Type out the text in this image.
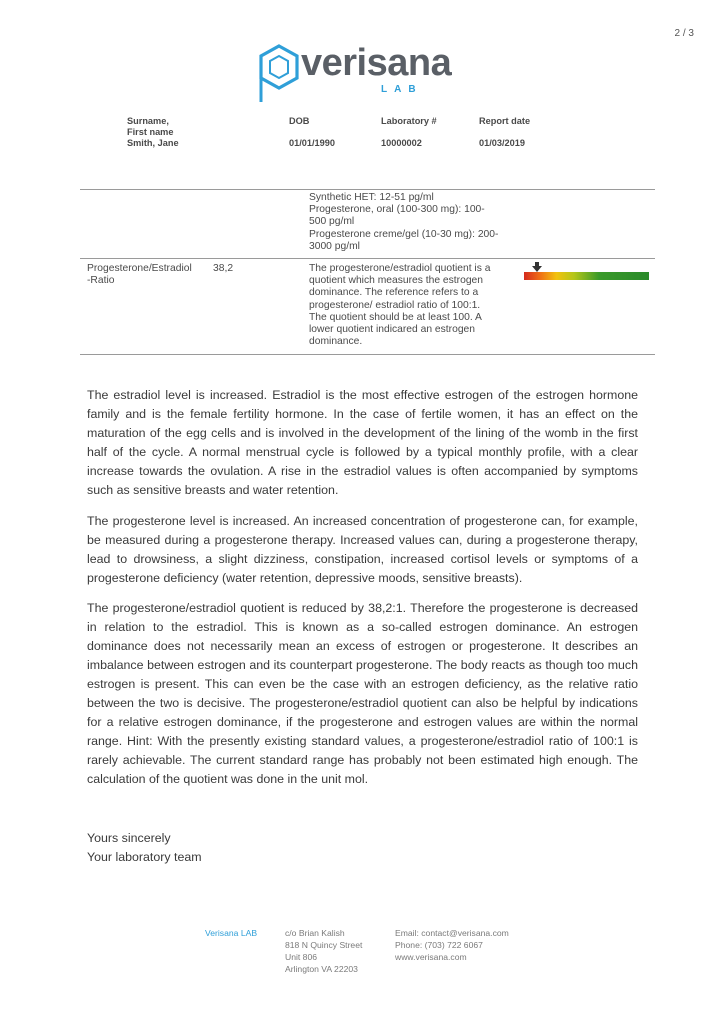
2 / 3
verisana
LAB
Surname,
First name
Smith, Jane
DOB
01/01/1990
Laboratory #
10000002
Report date
01/03/2019
Synthetic HET: 12-51 pg/ml
Progesterone, oral (100-300 mg): 100-
500 pg/ml
Progesterone creme/gel (10-30 mg): 200-
3000 pg/ml
Progesterone/Estradiol
-Ratio
38,2	The progesterone/estradiol quotient is a
quotient which measures the estrogen
dominance. The reference refers to a
progesterone/ estradiol ratio of 100:1.
The quotient should be at least 100. A
lower quotient indicared an estrogen
dominance.
The estradiol level is increased. Estradiol is the most effective estrogen of the estrogen hormone family and is the female fertility hormone. In the case of fertile women, it has an effect on the maturation of the egg cells and is involved in the development of the lining of the womb in the first half of the cycle. A normal menstrual cycle is followed by a typical monthly profile, with a clear increase towards the ovulation. A rise in the estradiol values is often accompanied by symptoms such as sensitive breasts and water retention.
The progesterone level is increased. An increased concentration of progesterone can, for example, be measured during a progesterone therapy. Increased values can, during a progesterone therapy, lead to drowsiness, a slight dizziness, constipation, increased cortisol levels or symptoms of a progesterone deficiency (water retention, depressive moods, sensitive breasts).
The progesterone/estradiol quotient is reduced by 38,2:1. Therefore the progesterone is decreased in relation to the estradiol. This is known as a so-called estrogen dominance. An estrogen dominance does not necessarily mean an excess of estrogen or progesterone. It describes an imbalance between estrogen and its counterpart progesterone. The body reacts as though too much estrogen is present. This can even be the case with an estrogen deficiency, as the relative ratio between the two is decisive. The progesterone/estradiol quotient can also be helpful by indications for a relative estrogen dominance, if the progesterone and estrogen values are within the normal range. Hint: With the presently existing standard values, a progesterone/estradiol ratio of 100:1 is rarely achievable. The current standard range has probably not been estimated high enough. The calculation of the quotient was done in the unit mol.
Yours sincerely
Your laboratory team
Verisana LAB	c/o Brian Kalish
818 N Quincy Street
Unit 806
Arlington VA 22203
Email: contact@verisana.com
Phone: (703) 722 6067
www.verisana.com
